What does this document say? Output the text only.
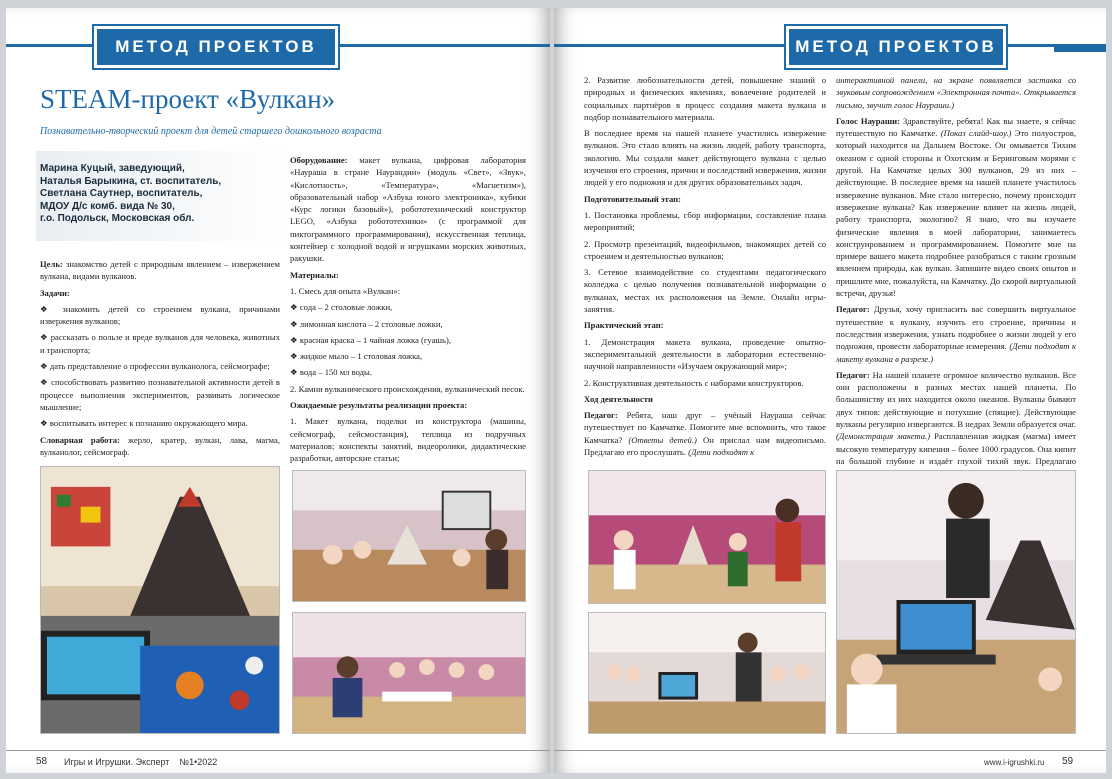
МЕТОД ПРОЕКТОВ
STEAM-проект «Вулкан»
Познавательно-творческий проект для детей старшего дошкольного возраста
Марина Куцый, заведующий,
Наталья Барыкина, ст. воспитатель,
Светлана Саутнер, воспитатель,
МДОУ Д/с комб. вида № 30,
г.о. Подольск, Московская обл.

Цель: знакомство детей с природным явлением – извержением вулкана, видами вулканов.

Задачи:

❖ знакомить детей со строением вулкана, причинами извержения вулканов;

❖ рассказать о пользе и вреде вулканов для человека, животных и транспорта;

❖ дать представление о профессии вулканолога, сейсмографе;

❖ способствовать развитию познавательной активности детей в процессе выполнения экспериментов, развивать логическое мышление;

❖ воспитывать интерес к познанию окружающего мира.

Словарная работа: жерло, кратер, вулкан, лава, магма, вулканолог, сейсмограф.

Оборудование: макет вулкана, цифровая лаборатория «Наураша в стране Наурандии» (модуль «Свет», «Звук», «Кислотность», «Температура», «Магнетизм»), образовательный набор «Азбука юного электроника», кубики «Курс логики базовый»), робототехнический конструктор LEGO, «Азбука робототехники» (с программой для пиктограммного программирования), искусственная теплица, контейнер с холодной водой и игрушками морских животных, ракушки.

Материалы:

1. Смесь для опыта «Вулкан»:

❖ сода – 2 столовые ложки,

❖ лимонная кислота – 2 столовые ложки,

❖ красная краска – 1 чайная ложка (гуашь),

❖ жидкое мыло – 1 столовая ложка,

❖ вода – 150 мл воды.

2. Камни вулканического происхождения, вулканический песок.

Ожидаемые результаты реализации проекта:

1. Макет вулкана, поделки из конструктора (машины, сейсмограф, сейсмостанция), теплица из подручных материалов; конспекты занятий, видеоролики, дидактические разработки, авторские статьи;

58 Игры и Игрушки. Эксперт    №1•2022
МЕТОД ПРОЕКТОВ

2. Развитие любознательности детей, повышение знаний о природных и физических явлениях, вовлечение родителей и социальных партнёров в процесс создания макета вулкана и подбор познавательного материала.

В последнее время на нашей планете участились извержение вулканов. Это стало влиять на жизнь людей, работу транспорта, экологию. Мы создали макет действующего вулкана с целью изучения его строения, причин и последствий извержения, жизни людей у его подножия и для других образовательных задач.

Подготовительный этап:

1. Постановка проблемы, сбор информации, составление плана мероприятий;

2. Просмотр презентаций, видеофильмов, знакомящих детей со строением и деятельностью вулканов;

3. Сетевое взаимодействие со студентами педагогического колледжа с целью получения познавательной информации о вулканах, местах их расположения на Земле. Онлайн игры-занятия.

Практический этап:

1. Демонстрация макета вулкана, проведение опытно-экспериментальной деятельности в лаборатории естественно-научной направленности «Изучаем окружающий мир»;

2. Конструктивная деятельность с наборами конструкторов.

Ход деятельности

Педагог: Ребята, наш друг – учёный Наураша сейчас путешествует по Камчатке. Помогите мне вспомнить, что такое Камчатка? (Ответы детей.) Он прислал нам видеописьмо. Предлагаю его прослушать. (Дети подходят к

интерактивной панели, на экране появляется заставка со звуковым сопровождением «Электронная почта». Открывается письмо, звучит голос Наураши.)

Голос Наураши: Здравствуйте, ребята! Как вы знаете, я сейчас путешествую по Камчатке. (Показ слайд-шоу.) Это полуостров, который находится на Дальнем Востоке. Он омывается Тихим океаном с одной стороны и Охотским и Беринговым морями с другой. На Камчатке целых 300 вулканов, 29 из них – действующие. В последнее время на нашей планете участилось извержение вулканов. Мне стало интересно, почему происходит извержение вулкана? Как извержение влияет на жизнь людей, работу транспорта, экологию? Я знаю, что вы изучаете физические явления в моей лаборатории, занимаетесь конструированием и программированием. Помогите мне на примере вашего макета подробнее разобраться с таким грозным явлением природы, как вулкан. Запишите видео своих опытов и пришлите мне, пожалуйста, на Камчатку. До скорой виртуальной встречи, друзья!

Педагог: Друзья, хочу пригласить вас совершить виртуальное путешествие к вулкану, изучить его строение, причины и последствия извержения, узнать подробнее о жизни людей у его подножия, провести лабораторные измерения. (Дети подходят к макету вулкана в разрезе.)

Педагог: На нашей планете огромное количество вулканов. Все они расположены в разных местах нашей планеты. По большинству из них находится около океанов. Вулканы бывают двух типов: действующие и потухшие (спящие). Действующие вулканы регулярно извергаются. В недрах Земли образуется очаг. (Демонстрация макета.) Расплавленная жидкая (магма) имеет высокую температуру кипения – более 1000 градусов. Она кипит на большой глубине и издаёт глухой тихий звук. Предлагаю

www.i-igrushki.ru 59
